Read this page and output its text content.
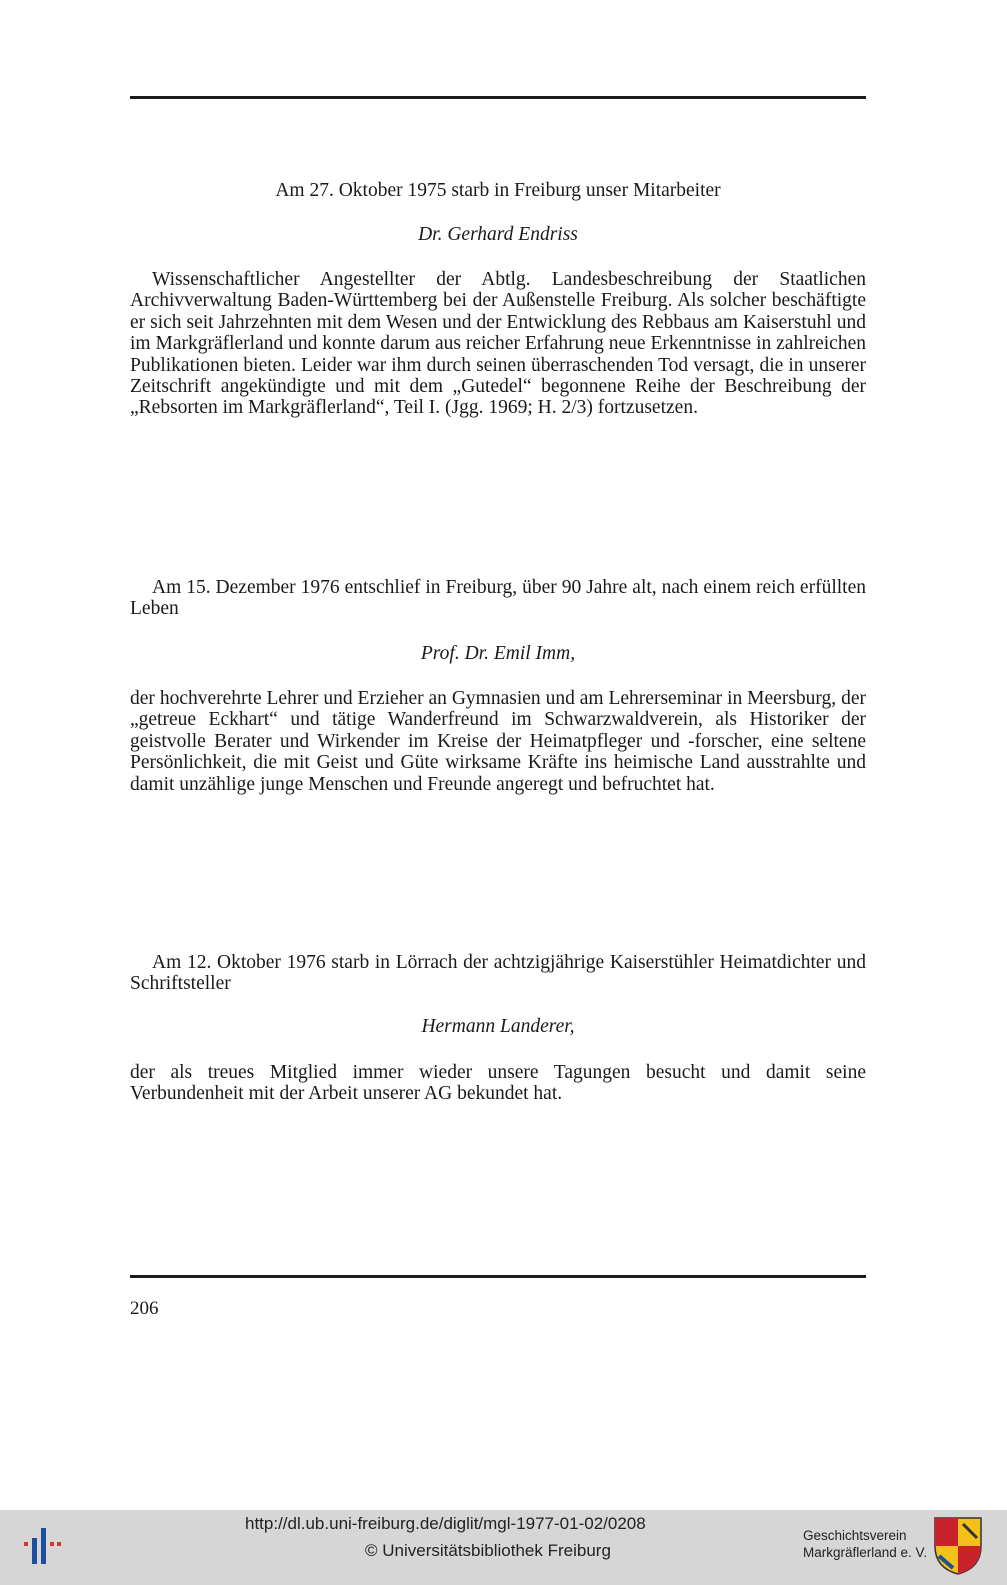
Am 27. Oktober 1975 starb in Freiburg unser Mitarbeiter

Dr. Gerhard Endriss

Wissenschaftlicher Angestellter der Abtlg. Landesbeschreibung der Staatlichen Archivverwaltung Baden-Württemberg bei der Außenstelle Freiburg. Als solcher beschäftigte er sich seit Jahrzehnten mit dem Wesen und der Entwicklung des Rebbaus am Kaiserstuhl und im Markgräflerland und konnte darum aus reicher Erfahrung neue Erkenntnisse in zahlreichen Publikationen bieten. Leider war ihm durch seinen überraschenden Tod versagt, die in unserer Zeitschrift angekündigte und mit dem „Gutedel“ begonnene Reihe der Beschreibung der „Rebsorten im Markgräflerland“, Teil I. (Jgg. 1969; H. 2/3) fortzusetzen.

Am 15. Dezember 1976 entschlief in Freiburg, über 90 Jahre alt, nach einem reich erfüllten Leben

Prof. Dr. Emil Imm,

der hochverehrte Lehrer und Erzieher an Gymnasien und am Lehrerseminar in Meersburg, der „getreue Eckhart“ und tätige Wanderfreund im Schwarzwaldverein, als Historiker der geistvolle Berater und Wirkender im Kreise der Heimatpfleger und -forscher, eine seltene Persönlichkeit, die mit Geist und Güte wirksame Kräfte ins heimische Land ausstrahlte und damit unzählige junge Menschen und Freunde angeregt und befruchtet hat.

Am 12. Oktober 1976 starb in Lörrach der achtzigjährige Kaiserstühler Heimatdichter und Schriftsteller

Hermann Landerer,

der als treues Mitglied immer wieder unsere Tagungen besucht und damit seine Verbundenheit mit der Arbeit unserer AG bekundet hat.

206
http://dl.ub.uni-freiburg.de/diglit/mgl-1977-01-02/0208
© Universitätsbibliothek Freiburg
Geschichtsverein
Markgräflerland e. V.
